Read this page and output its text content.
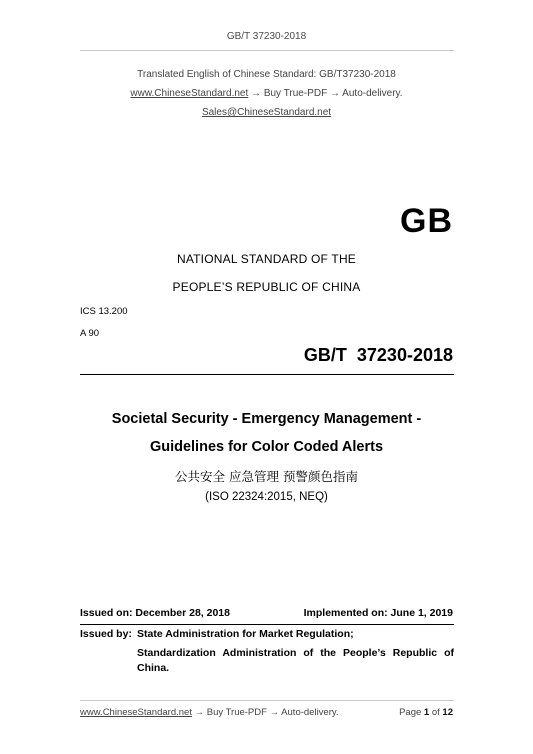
GB/T 37230-2018
Translated English of Chinese Standard: GB/T37230-2018
www.ChineseStandard.net → Buy True-PDF → Auto-delivery.
Sales@ChineseStandard.net
GB
NATIONAL STANDARD OF THE
PEOPLE’S REPUBLIC OF CHINA
ICS 13.200
A 90
GB/T  37230-2018
Societal Security - Emergency Management -
Guidelines for Color Coded Alerts
公共安全 应急管理 预警颜色指南
(ISO 22324:2015, NEQ)
Issued on: December 28, 2018	Implemented on: June 1, 2019
Issued by: State Administration for Market Regulation;
Standardization Administration of the People’s Republic of China.
www.ChineseStandard.net → Buy True-PDF → Auto-delivery.	Page 1 of 12
